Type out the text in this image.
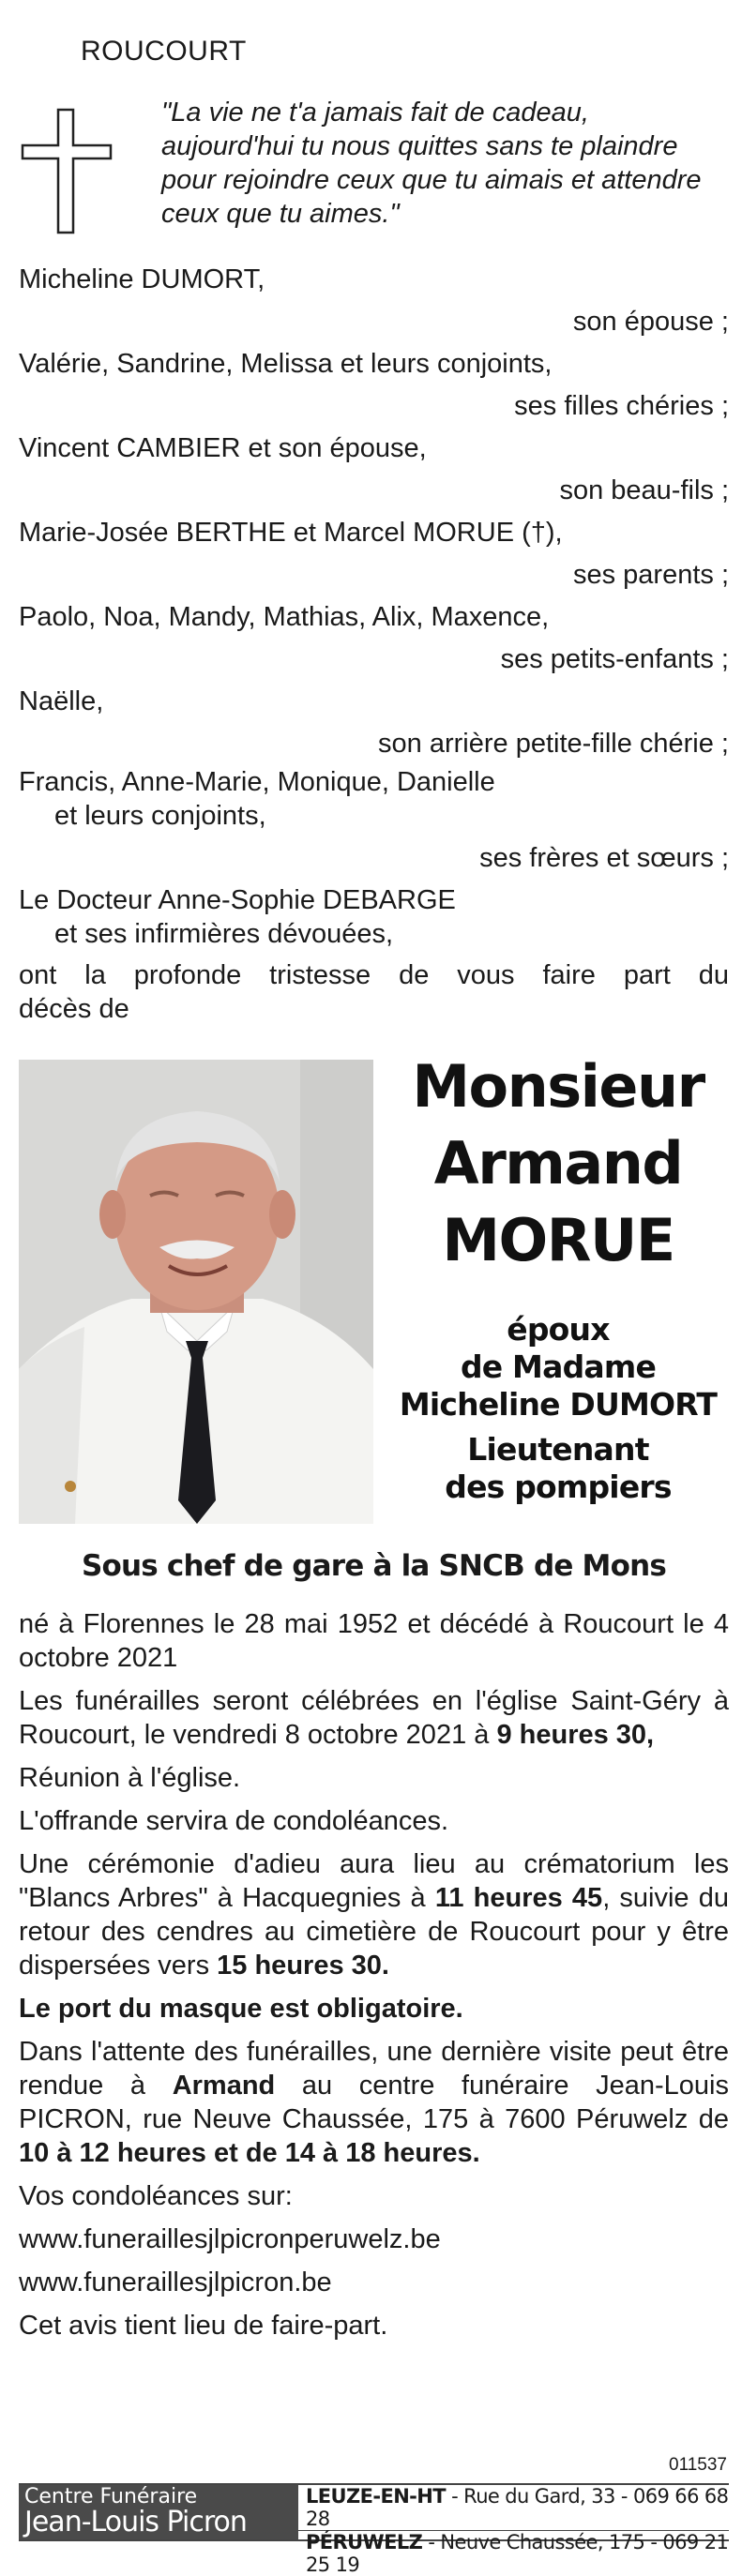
ROUCOURT
"La vie ne t'a jamais fait de cadeau, aujourd'hui tu nous quittes sans te plaindre pour rejoindre ceux que tu aimais et attendre ceux que tu aimes."
Micheline DUMORT,
son épouse ;
Valérie, Sandrine, Melissa et leurs conjoints,
ses filles chéries ;
Vincent CAMBIER et son épouse,
son beau-fils ;
Marie-Josée BERTHE et Marcel MORUE (†),
ses parents ;
Paolo, Noa, Mandy, Mathias, Alix, Maxence,
ses petits-enfants ;
Naëlle,
son arrière petite-fille chérie ;
Francis, Anne-Marie, Monique, Danielle
et leurs conjoints,
ses frères et sœurs ;
Le Docteur Anne-Sophie DEBARGE
et ses infirmières dévouées,
ont la profonde tristesse de vous faire part du
décès de
Monsieur
Armand
MORUE
époux
de Madame
Micheline DUMORT
Lieutenant
des pompiers
Sous chef de gare à la SNCB de Mons

né à Florennes le 28 mai 1952 et décédé à Roucourt le 4 octobre 2021

Les funérailles seront célébrées en l'église Saint-Géry à Roucourt, le vendredi 8 octobre 2021 à 9 heures 30,

Réunion à l'église.

L'offrande servira de condoléances.

Une cérémonie d'adieu aura lieu au crématorium les "Blancs Arbres" à Hacquegnies à 11 heures 45, suivie du retour des cendres au cimetière de Roucourt pour y être dispersées vers 15 heures 30.

Le port du masque est obligatoire.

Dans l'attente des funérailles, une dernière visite peut être rendue à Armand au centre funéraire Jean-Louis PICRON, rue Neuve Chaussée, 175 à 7600 Péruwelz de 10 à 12 heures et de 14 à 18 heures.

Vos condoléances sur:

www.funeraillesjlpicronperuwelz.be

www.funeraillesjlpicron.be

Cet avis tient lieu de faire-part.

011537
Centre Funéraire
Jean-Louis Picron
LEUZE-EN-HT - Rue du Gard, 33 - 069 66 68 28
PÉRUWELZ - Neuve Chaussée, 175 - 069 21 25 19
